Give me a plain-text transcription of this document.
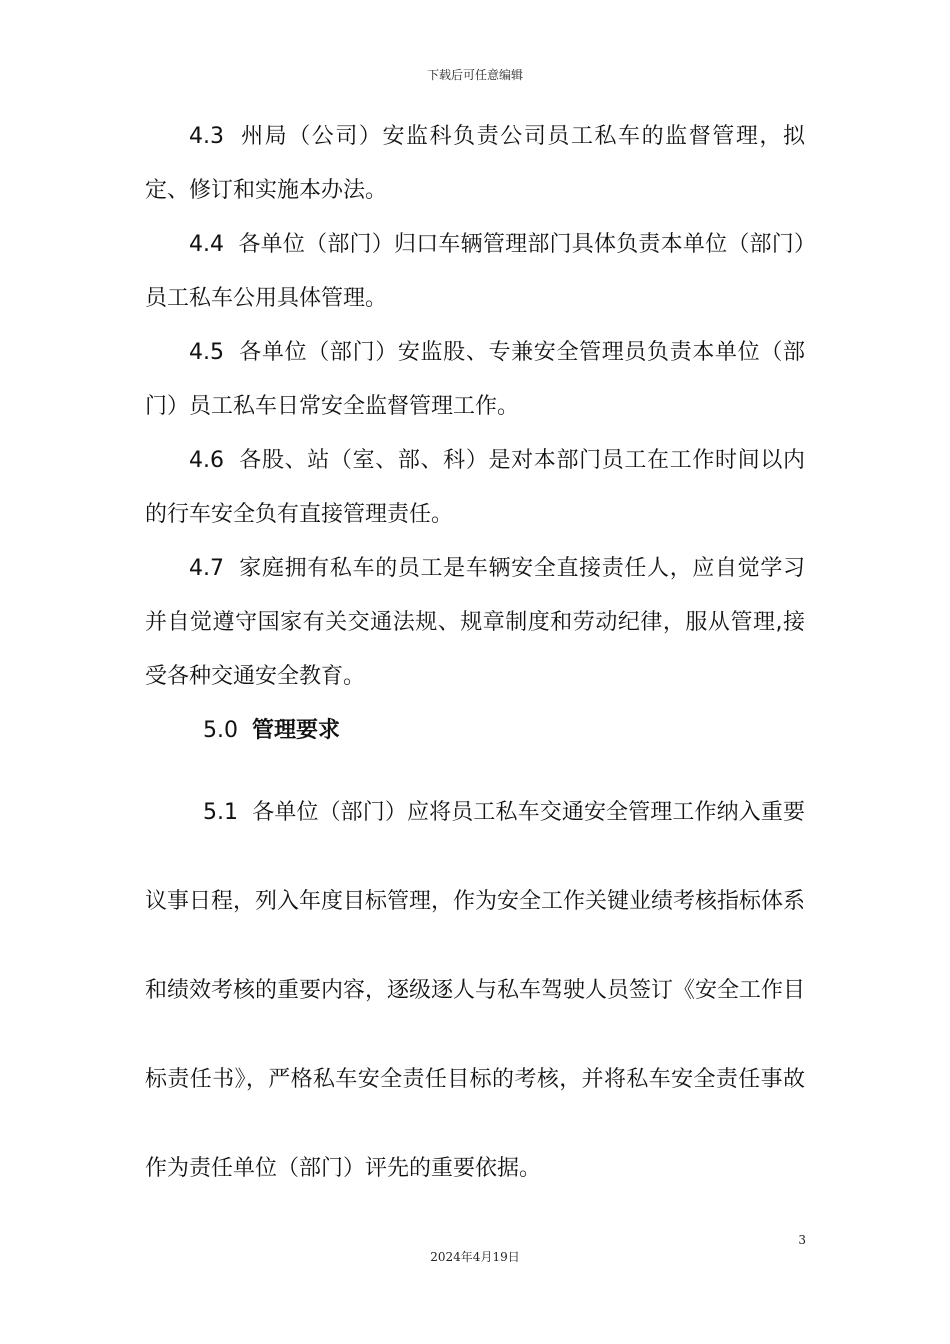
下载后可任意编辑

4.3 州局（公司）安监科负责公司员工私车的监督管理，拟定、修订和实施本办法。

4.4 各单位（部门）归口车辆管理部门具体负责本单位（部门）员工私车公用具体管理。

4.5 各单位（部门）安监股、专兼安全管理员负责本单位（部门）员工私车日常安全监督管理工作。

4.6 各股、站（室、部、科）是对本部门员工在工作时间以内的行车安全负有直接管理责任。

4.7 家庭拥有私车的员工是车辆安全直接责任人，应自觉学习并自觉遵守国家有关交通法规、规章制度和劳动纪律，服从管理,接受各种交通安全教育。

5.0 管理要求

5.1 各单位（部门）应将员工私车交通安全管理工作纳入重要议事日程，列入年度目标管理，作为安全工作关键业绩考核指标体系和绩效考核的重要内容，逐级逐人与私车驾驶人员签订《安全工作目标责任书》，严格私车安全责任目标的考核，并将私车安全责任事故作为责任单位（部门）评先的重要依据。

3
2024年4月19日
